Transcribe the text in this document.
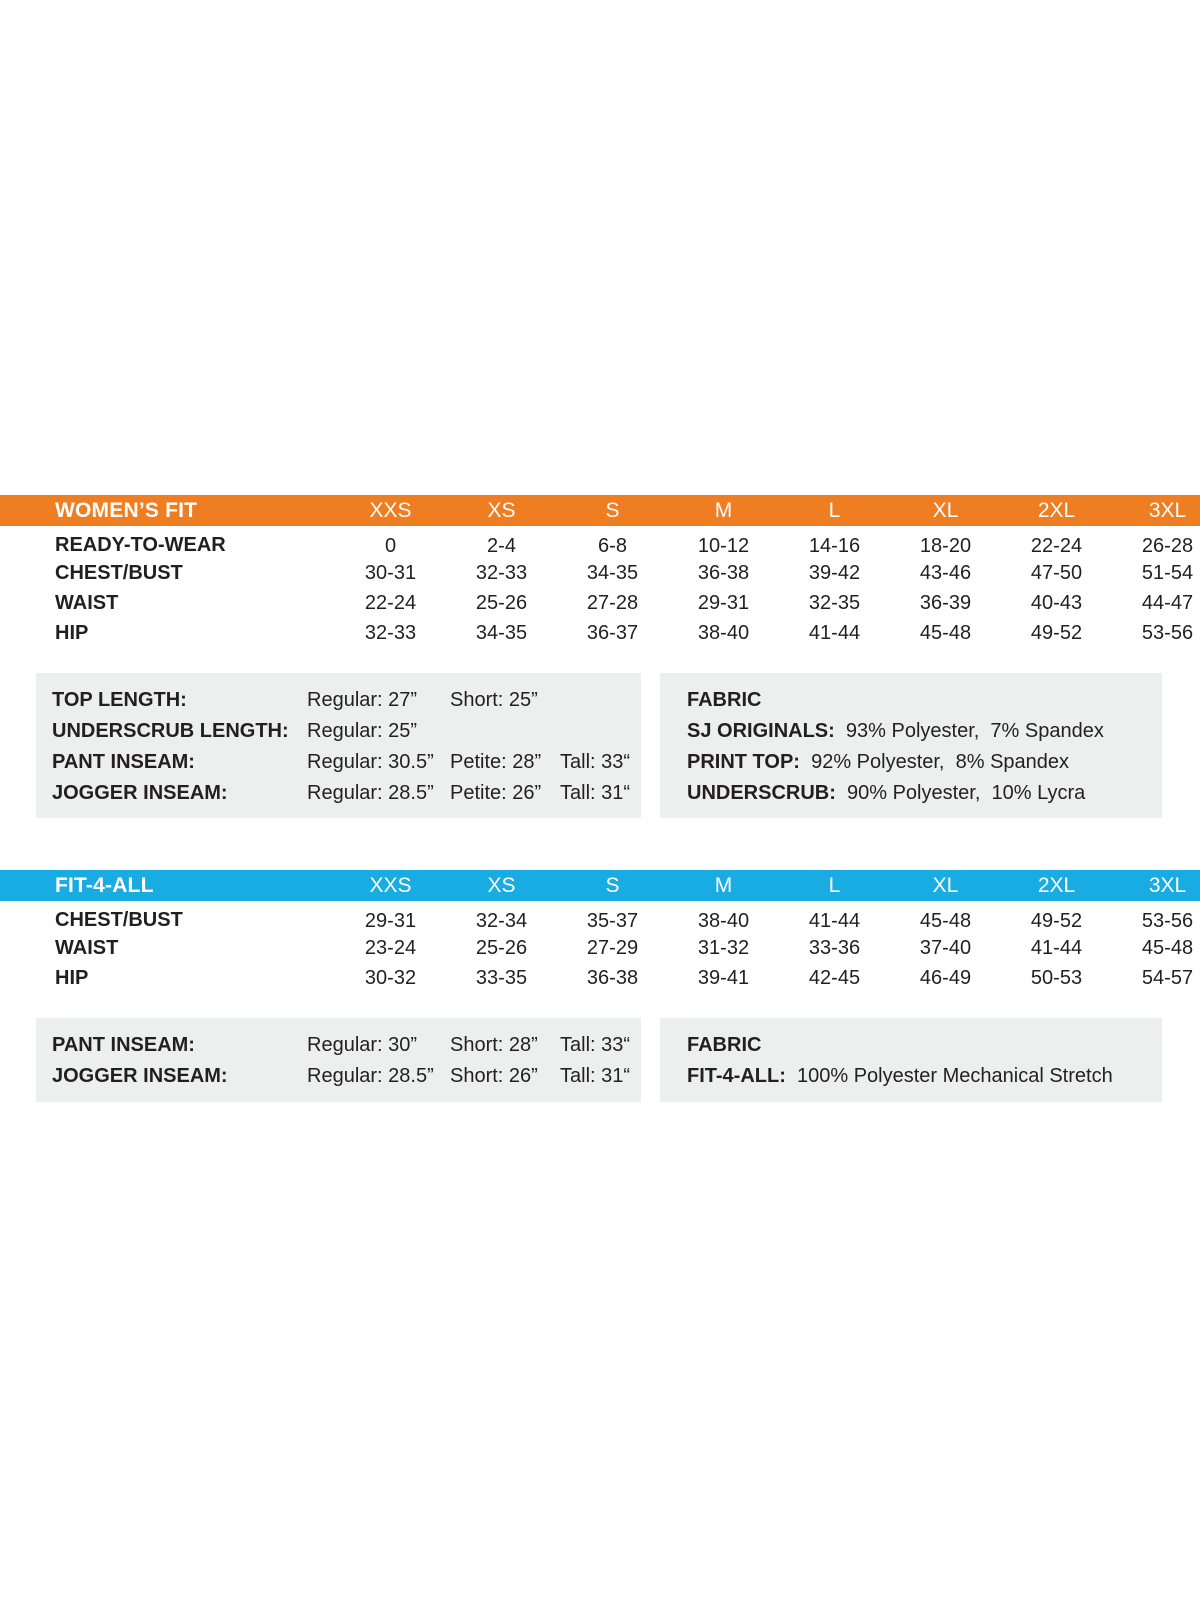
WOMEN’S FIT	XXS	XS	S	M	L	XL	2XL	3XL	
READY-TO-WEAR	0	2-4	6-8	10-12	14-16	18-20	22-24	26-28	
CHEST/BUST	30-31	32-33	34-35	36-38	39-42	43-46	47-50	51-54	
WAIST	22-24	25-26	27-28	29-31	32-35	36-39	40-43	44-47	
HIP	32-33	34-35	36-37	38-40	41-44	45-48	49-52	53-56	
TOP LENGTH:	Regular: 27” Short: 25”
UNDERSCRUB LENGTH: Regular: 25”
PANT INSEAM:	Regular: 30.5” Petite: 28” Tall: 33“
JOGGER INSEAM:	Regular: 28.5” Petite: 26” Tall: 31“
FABRIC
SJ ORIGINALS:  93% Polyester,  7% Spandex
PRINT TOP:  92% Polyester,  8% Spandex
UNDERSCRUB:  90% Polyester,  10% Lycra
FIT-4-ALL	XXS	XS	S	M	L	XL	2XL	3XL	
CHEST/BUST	29-31	32-34	35-37	38-40	41-44	45-48	49-52	53-56	
WAIST	23-24	25-26	27-29	31-32	33-36	37-40	41-44	45-48	
HIP	30-32	33-35	36-38	39-41	42-45	46-49	50-53	54-57	
PANT INSEAM:	Regular: 30” Short: 28” Tall: 33“
JOGGER INSEAM:	Regular: 28.5” Short: 26” Tall: 31“
FABRIC
FIT-4-ALL:  100% Polyester Mechanical Stretch
